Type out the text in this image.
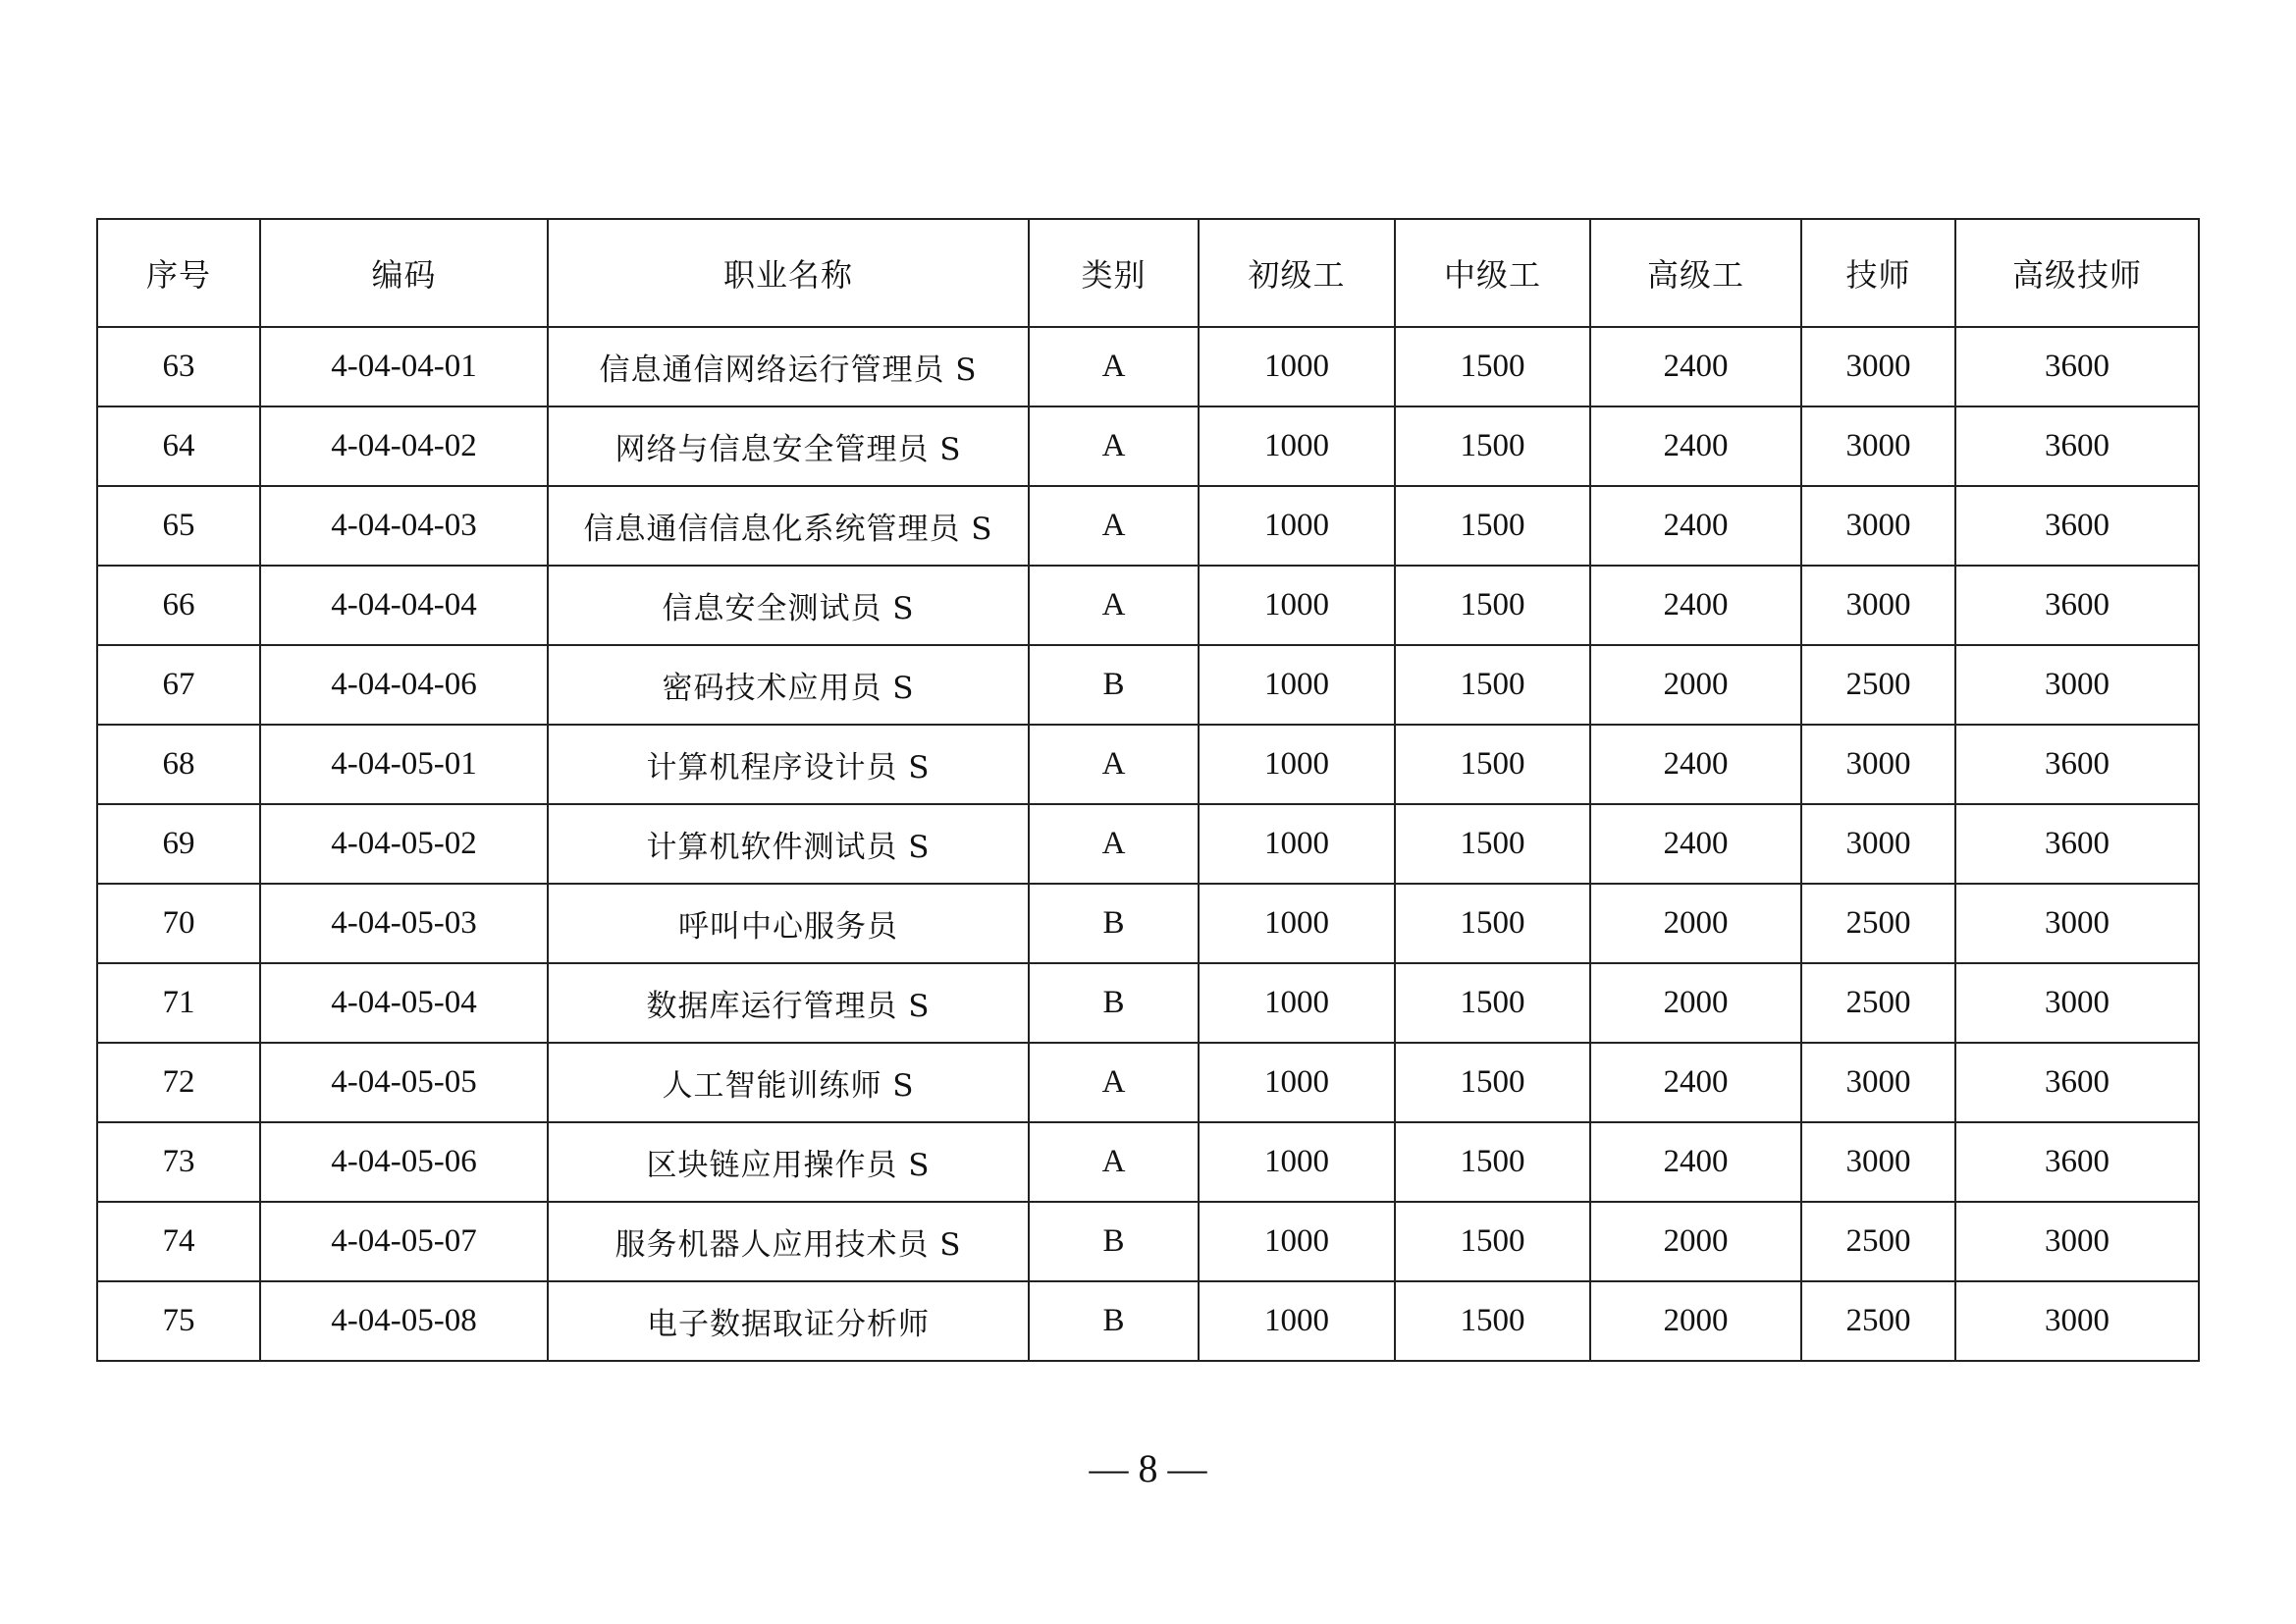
序号	编码	职业名称	类别	初级工	中级工	高级工	技师	高级技师
63	4-04-04-01	信息通信网络运行管理员 S	A	1000	1500	2400	3000	3600
64	4-04-04-02	网络与信息安全管理员 S	A	1000	1500	2400	3000	3600
65	4-04-04-03	信息通信信息化系统管理员 S	A	1000	1500	2400	3000	3600
66	4-04-04-04	信息安全测试员 S	A	1000	1500	2400	3000	3600
67	4-04-04-06	密码技术应用员 S	B	1000	1500	2000	2500	3000
68	4-04-05-01	计算机程序设计员 S	A	1000	1500	2400	3000	3600
69	4-04-05-02	计算机软件测试员 S	A	1000	1500	2400	3000	3600
70	4-04-05-03	呼叫中心服务员	B	1000	1500	2000	2500	3000
71	4-04-05-04	数据库运行管理员 S	B	1000	1500	2000	2500	3000
72	4-04-05-05	人工智能训练师 S	A	1000	1500	2400	3000	3600
73	4-04-05-06	区块链应用操作员 S	A	1000	1500	2400	3000	3600
74	4-04-05-07	服务机器人应用技术员 S	B	1000	1500	2000	2500	3000
75	4-04-05-08	电子数据取证分析师	B	1000	1500	2000	2500	3000
— 8 —
